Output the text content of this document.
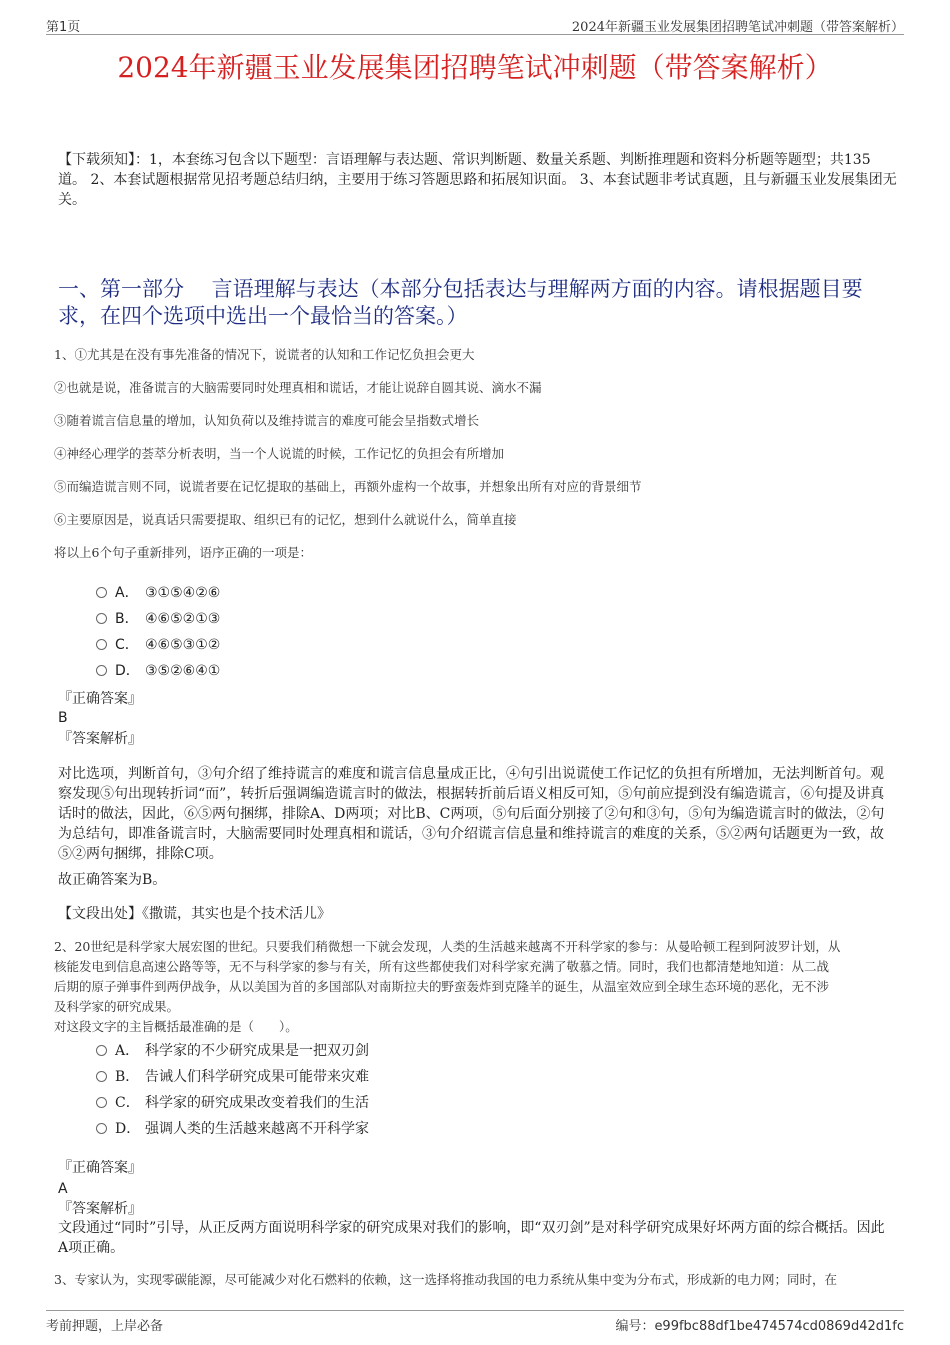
第1页	2024年新疆玉业发展集团招聘笔试冲刺题（带答案解析）
2024年新疆玉业发展集团招聘笔试冲刺题（带答案解析）
【下载须知】：1，本套练习包含以下题型：言语理解与表达题、常识判断题、数量关系题、判断推理题和资料分析题等题型；共135道。 2、本套试题根据常见招考题总结归纳，主要用于练习答题思路和拓展知识面。 3、本套试题非考试真题，且与新疆玉业发展集团无关。
一、第一部分　 言语理解与表达（本部分包括表达与理解两方面的内容。请根据题目要求，在四个选项中选出一个最恰当的答案。）
1、①尤其是在没有事先准备的情况下，说谎者的认知和工作记忆负担会更大
②也就是说，准备谎言的大脑需要同时处理真相和谎话，才能让说辞自圆其说、滴水不漏
③随着谎言信息量的增加，认知负荷以及维持谎言的难度可能会呈指数式增长
④神经心理学的荟萃分析表明，当一个人说谎的时候，工作记忆的负担会有所增加
⑤而编造谎言则不同，说谎者要在记忆提取的基础上，再额外虚构一个故事，并想象出所有对应的背景细节
⑥主要原因是，说真话只需要提取、组织已有的记忆，想到什么就说什么，简单直接
将以上6个句子重新排列，语序正确的一项是：
A． ③①⑤④②⑥
B． ④⑥⑤②①③
C． ④⑥⑤③①②
D． ③⑤②⑥④①
『正确答案』
B
『答案解析』
对比选项，判断首句，③句介绍了维持谎言的难度和谎言信息量成正比，④句引出说谎使工作记忆的负担有所增加，无法判断首句。观察发现⑤句出现转折词“而”，转折后强调编造谎言时的做法，根据转折前后语义相反可知，⑤句前应提到没有编造谎言，⑥句提及讲真话时的做法，因此，⑥⑤两句捆绑，排除A、D两项；对比B、C两项，⑤句后面分别接了②句和③句，⑤句为编造谎言时的做法，②句为总结句，即准备谎言时，大脑需要同时处理真相和谎话，③句介绍谎言信息量和维持谎言的难度的关系，⑤②两句话题更为一致，故⑤②两句捆绑，排除C项。
故正确答案为B。
【文段出处】《撒谎，其实也是个技术活儿》
2、20世纪是科学家大展宏图的世纪。只要我们稍微想一下就会发现，人类的生活越来越离不开科学家的参与：从曼哈顿工程到阿波罗计划，从
核能发电到信息高速公路等等，无不与科学家的参与有关，所有这些都使我们对科学家充满了敬慕之情。同时，我们也都清楚地知道：从二战
后期的原子弹事件到两伊战争，从以美国为首的多国部队对南斯拉夫的野蛮轰炸到克隆羊的诞生，从温室效应到全球生态环境的恶化，无不涉
及科学家的研究成果。
对这段文字的主旨概括最准确的是（　　）。
A． 科学家的不少研究成果是一把双刃剑
B． 告诫人们科学研究成果可能带来灾难
C． 科学家的研究成果改变着我们的生活
D． 强调人类的生活越来越离不开科学家
『正确答案』
A
『答案解析』
文段通过“同时”引导，从正反两方面说明科学家的研究成果对我们的影响，即“双刃剑”是对科学研究成果好坏两方面的综合概括。因此A项正确。
3、专家认为，实现零碳能源，尽可能减少对化石燃料的依赖，这一选择将推动我国的电力系统从集中变为分布式，形成新的电力网；同时，在
考前押题，上岸必备	编号：e99fbc88df1be474574cd0869d42d1fc
